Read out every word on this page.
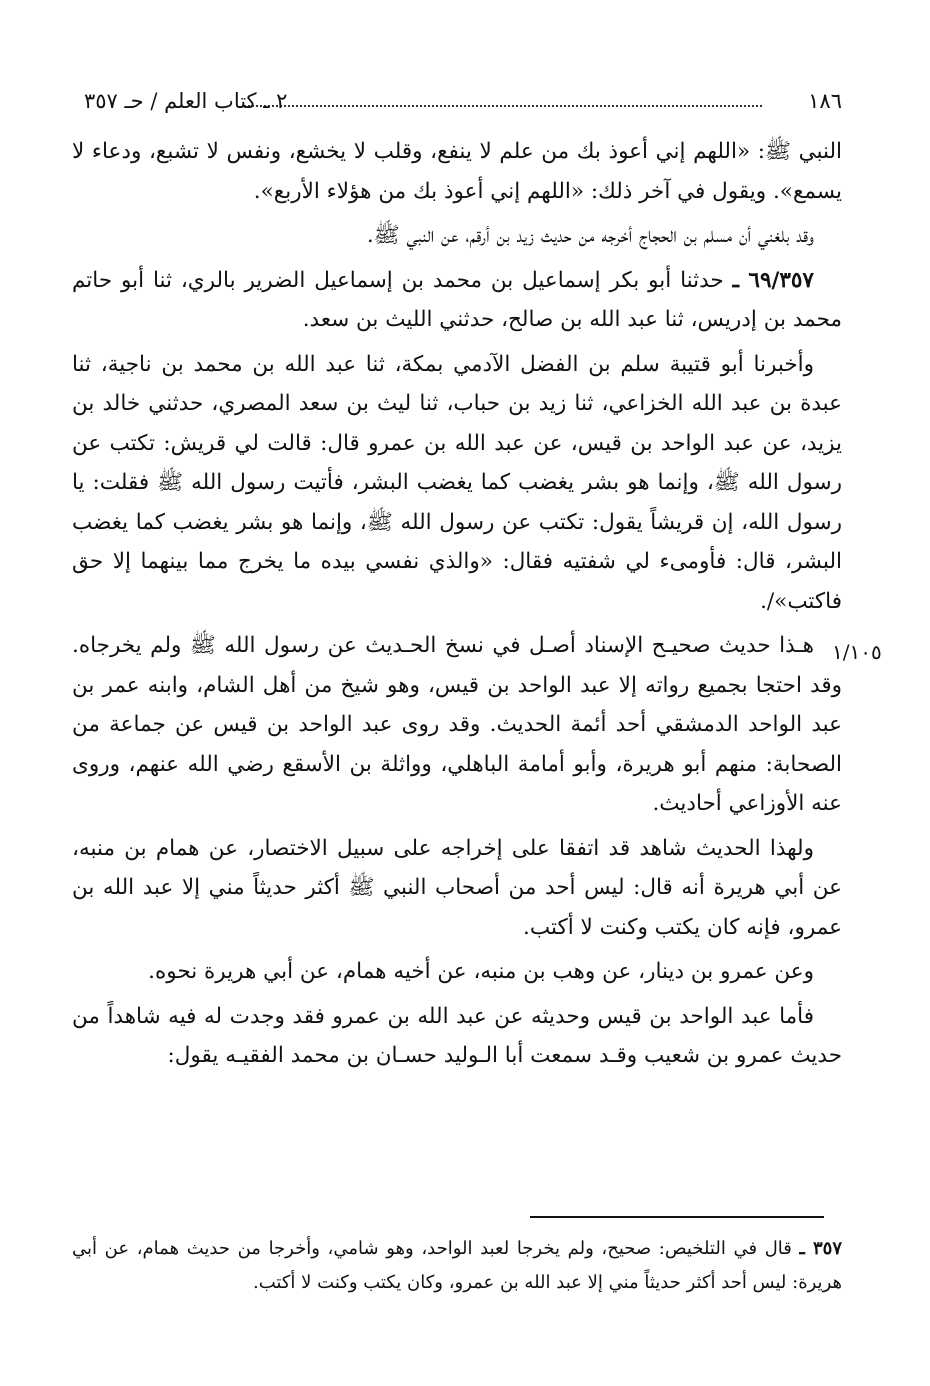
١٨٦
٢ ـ كتاب العلم / حـ ٣٥٧

النبي ﷺ: «اللهم إني أعوذ بك من علم لا ينفع، وقلب لا يخشع، ونفس لا تشبع، ودعاء لا يسمع». ويقول في آخر ذلك: «اللهم إني أعوذ بك من هؤلاء الأربع».

وقد بلغني أن مسلم بن الحجاج أخرجه من حديث زيد بن أرقم، عن النبي ﷺ.

٦٩/٣٥٧ ـ حدثنا أبو بكر إسماعيل بن محمد بن إسماعيل الضرير بالري، ثنا أبو حاتم محمد بن إدريس، ثنا عبد الله بن صالح، حدثني الليث بن سعد.

وأخبرنا أبو قتيبة سلم بن الفضل الآدمي بمكة، ثنا عبد الله بن محمد بن ناجية، ثنا عبدة بن عبد الله الخزاعي، ثنا زيد بن حباب، ثنا ليث بن سعد المصري، حدثني خالد بن يزيد، عن عبد الواحد بن قيس، عن عبد الله بن عمرو قال: قالت لي قريش: تكتب عن رسول الله ﷺ، وإنما هو بشر يغضب كما يغضب البشر، فأتيت رسول الله ﷺ فقلت: يا رسول الله، إن قريشاً يقول: تكتب عن رسول الله ﷺ، وإنما هو بشر يغضب كما يغضب البشر، قال: فأومىء لي شفتيه فقال: «والذي نفسي بيده ما يخرج مما بينهما إلا حق فاكتب»/.

هـذا حديث صحيـح الإسناد أصـل في نسخ الحـديث عن رسول الله ﷺ ولم يخرجاه. وقد احتجا بجميع رواته إلا عبد الواحد بن قيس، وهو شيخ من أهل الشام، وابنه عمر بن عبد الواحد الدمشقي أحد أئمة الحديث. وقد روى عبد الواحد بن قيس عن جماعة من الصحابة: منهم أبو هريرة، وأبو أمامة الباهلي، وواثلة بن الأسقع رضي الله عنهم، وروى عنه الأوزاعي أحاديث.

ولهذا الحديث شاهد قد اتفقا على إخراجه على سبيل الاختصار، عن همام بن منبه، عن أبي هريرة أنه قال: ليس أحد من أصحاب النبي ﷺ أكثر حديثاً مني إلا عبد الله بن عمرو، فإنه كان يكتب وكنت لا أكتب.

وعن عمرو بن دينار، عن وهب بن منبه، عن أخيه همام، عن أبي هريرة نحوه.

فأما عبد الواحد بن قيس وحديثه عن عبد الله بن عمرو فقد وجدت له فيه شاهداً من حديث عمرو بن شعيب وقـد سمعت أبا الـوليد حسـان بن محمد الفقيـه يقول:

١/١٠٥

٣٥٧ ـ قال في التلخيص: صحيح، ولم يخرجا لعبد الواحد، وهو شامي، وأخرجا من حديث همام، عن أبي هريرة: ليس أحد أكثر حديثاً مني إلا عبد الله بن عمرو، وكان يكتب وكنت لا أكتب.
